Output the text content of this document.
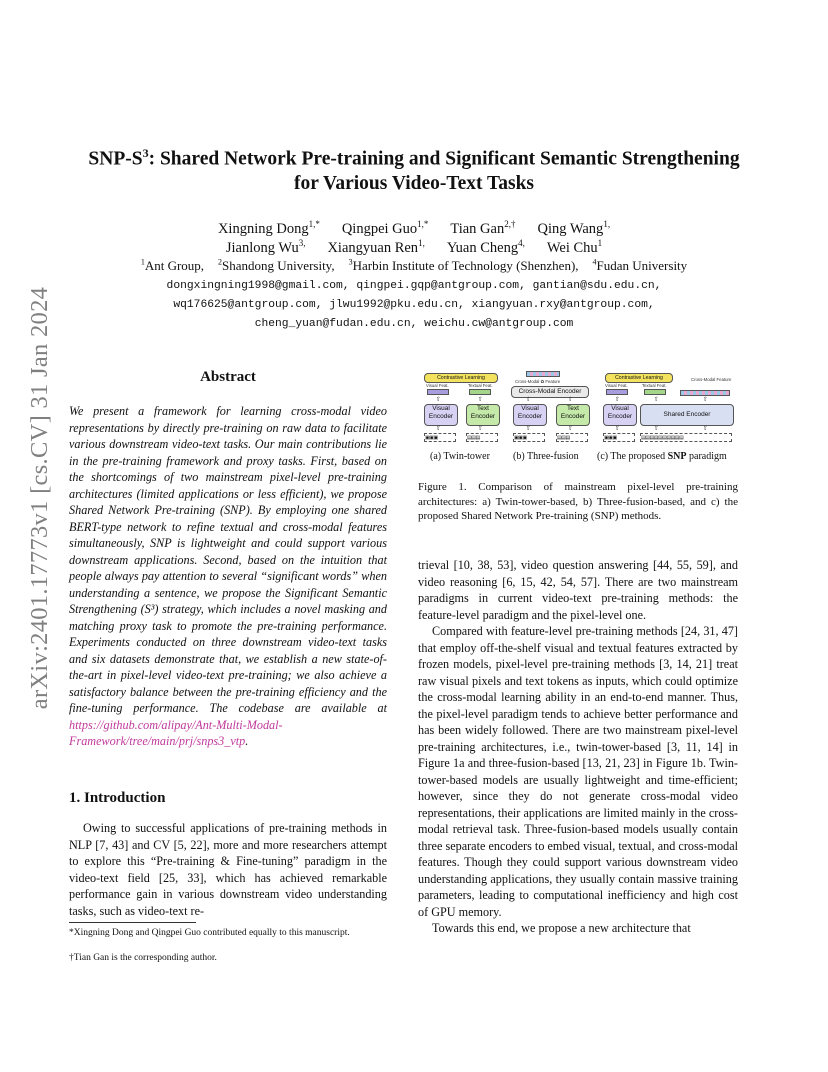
arXiv:2401.17773v1 [cs.CV] 31 Jan 2024
SNP-$S^3$: Shared Network Pre-training and Significant Semantic Strengthening
for Various Video-Text Tasks
Xingning Dong$^{1,*}$ Qingpei Guo$^{1,*}$ Tian Gan$^{2,\dagger}$ Qing Wang$^{1,}$
Jianlong $Wu^{3,}$ Xiangyuan Ren$^{1,}$ Yuan Cheng$^{4,}$ Wei Chu$^1$
$^1$Ant Group, $^2$Shandong University, $^3$Harbin Institute of Technology (Shenzhen), $^4$Fudan University
dongxingning1998@gmail.com, qingpei.gqp@antgroup.com, gantian@sdu.edu.cn,
wq176625@antgroup.com, jlwu1992@pku.edu.cn, xiangyuan.rxy@antgroup.com,
cheng_yuan@fudan.edu.cn, weichu.cw@antgroup.com
Abstract
We present a framework for learning cross-modal video representations by directly pre-training on raw data to facilitate various downstream video-text tasks. Our main contributions lie in the pre-training framework and proxy tasks. First, based on the shortcomings of two mainstream pixel-level pre-training architectures (limited applications or less efficient), we propose Shared Network Pre-training (SNP). By employing one shared BERT-type network to refine textual and cross-modal features simultaneously, SNP is lightweight and could support various downstream applications. Second, based on the intuition that people always pay attention to several “significant words” when understanding a sentence, we propose the Significant Semantic Strengthening (S³) strategy, which includes a novel masking and matching proxy task to promote the pre-training performance. Experiments conducted on three downstream video-text tasks and six datasets demonstrate that, we establish a new state-of-the-art in pixel-level video-text pre-training; we also achieve a satisfactory balance between the pre-training efficiency and the fine-tuning performance. The codebase are available at https://github.com/alipay/Ant-Multi-Modal-Framework/tree/main/prj/snps3_vtp.
1. Introduction
Owing to successful applications of pre-training methods in NLP [7, 43] and CV [5, 22], more and more researchers attempt to explore this “Pre-training & Fine-tuning” paradigm in the video-text field [25, 33], which has achieved remarkable performance gain in various downstream video understanding tasks, such as video-text re-
*Xingning Dong and Qingpei Guo contributed equally to this manuscript.
†Tian Gan is the corresponding author.
Contrastive Learning
Visual Feat.	Textual Feat.
⇧	⇧
Visual Encoder
Text Encoder
⇧	⇧
▣▣▣	▤▤▤
Cross-Modal ✿ Feature
Cross-Modal Encoder
⇧	⇧
Visual Encoder
Text Encoder
⇧	⇧
▣▣▣	▤▤▤
Contrastive Learning
Visual Feat.	Textual Feat.
Cross-Modal Feature
⇧	⇧	⇧
Visual Encoder	Shared Encoder
⇧	⇧	⇧
▣▣▣	▤▤▤▤▤▤▤▤▤▤
(a) Twin-tower (b) Three-fusion (c) The proposed SNP paradigm
Figure 1. Comparison of mainstream pixel-level pre-training architectures: a) Twin-tower-based, b) Three-fusion-based, and c) the proposed Shared Network Pre-training (SNP) methods.

trieval [10, 38, 53], video question answering [44, 55, 59], and video reasoning [6, 15, 42, 54, 57]. There are two mainstream paradigms in current video-text pre-training methods: the feature-level paradigm and the pixel-level one.

Compared with feature-level pre-training methods [24, 31, 47] that employ off-the-shelf visual and textual features extracted by frozen models, pixel-level pre-training methods [3, 14, 21] treat raw visual pixels and text tokens as inputs, which could optimize the cross-modal learning ability in an end-to-end manner. Thus, the pixel-level paradigm tends to achieve better performance and has been widely followed. There are two mainstream pixel-level pre-training architectures, i.e., twin-tower-based [3, 11, 14] in Figure 1a and three-fusion-based [13, 21, 23] in Figure 1b. Twin-tower-based models are usually lightweight and time-efficient; however, since they do not generate cross-modal video representations, their applications are limited mainly in the cross-modal retrieval task. Three-fusion-based models usually contain three separate encoders to embed visual, textual, and cross-modal features. Though they could support various downstream video understanding applications, they usually contain massive training parameters, leading to computational inefficiency and high cost of GPU memory.

Towards this end, we propose a new architecture that
